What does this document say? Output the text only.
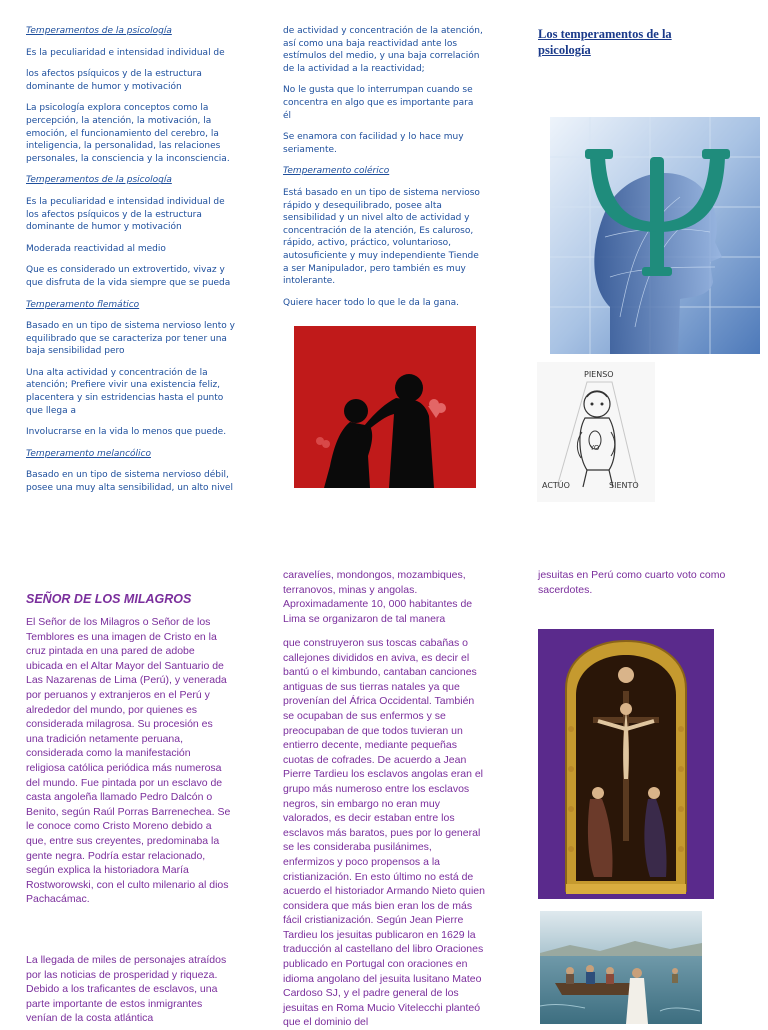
Temperamentos de la psicología

Es la peculiaridad e intensidad individual de

los afectos psíquicos y de la estructura dominante de humor y motivación

La psicología explora conceptos como la percepción, la atención, la motivación, la emoción, el funcionamiento del cerebro, la inteligencia, la personalidad, las relaciones personales, la consciencia y la inconsciencia.

Temperamentos de la psicología

Es la peculiaridad e intensidad individual de los afectos psíquicos y de la estructura dominante de humor y motivación

Moderada reactividad al medio

Que es considerado un extrovertido, vivaz y que disfruta de la vida siempre que se pueda

Temperamento flemático

Basado en un tipo de sistema nervioso lento y equilibrado que se caracteriza por tener una baja sensibilidad pero

Una alta actividad y concentración de la atención; Prefiere vivir una existencia feliz, placentera y sin estridencias hasta el punto que llega a

Involucrarse en la vida lo menos que puede.

Temperamento melancólico

Basado en un tipo de sistema nervioso débil, posee una muy alta sensibilidad, un alto nivel

de actividad y concentración de la atención, así como una baja reactividad ante los estímulos del medio, y una baja correlación de la actividad a la reactividad;

No le gusta que lo interrumpan cuando se concentra en algo que es importante para él

Se enamora con facilidad y lo hace muy seriamente.

Temperamento colérico

Está basado en un tipo de sistema nervioso rápido y desequilibrado, posee alta sensibilidad y un nivel alto de actividad y concentración de la atención, Es caluroso, rápido, activo, práctico, voluntarioso, autosuficiente y muy independiente Tiende a ser Manipulador, pero también es muy intolerante.

Quiere hacer todo lo que le da la gana.

Los temperamentos de la psicología
PIENSO
YO
ACTÚO	SIENTO
SEÑOR DE LOS MILAGROS
El Señor de los Milagros o Señor de los Temblores es una imagen de Cristo en la cruz pintada en una pared de adobe ubicada en el Altar Mayor del Santuario de Las Nazarenas de Lima (Perú), y venerada por peruanos y extranjeros en el Perú y alrededor del mundo, por quienes es considerada milagrosa. Su procesión es una tradición netamente peruana, considerada como la manifestación religiosa católica periódica más numerosa del mundo. Fue pintada por un esclavo de casta angoleña llamado Pedro Dalcón o Benito, según Raúl Porras Barrenechea. Se le conoce como Cristo Moreno debido a que, entre sus creyentes, predominaba la gente negra. Podría estar relacionado, según explica la historiadora María Rostworowski, con el culto milenario al dios Pachacámac.
La llegada de miles de personajes atraídos por las noticias de prosperidad y riqueza. Debido a los traficantes de esclavos, una parte importante de estos inmigrantes venían de la costa atlántica
caravelíes, mondongos, mozambiques, terranovos, minas y angolas. Aproximadamente 10, 000 habitantes de Lima se organizaron de tal manera
que construyeron sus toscas cabañas o callejones divididos en aviva, es decir el bantú o el kimbundo, cantaban canciones antiguas de sus tierras natales ya que provenían del África Occidental. También se ocupaban de sus enfermos y se preocupaban de que todos tuvieran un entierro decente, mediante pequeñas cuotas de cofrades. De acuerdo a Jean Pierre Tardieu los esclavos angolas eran el grupo más numeroso entre los esclavos negros, sin embargo no eran muy valorados, es decir estaban entre los esclavos más baratos, pues por lo general se les consideraba pusilánimes, enfermizos y poco propensos a la cristianización. En esto último no está de acuerdo el historiador Armando Nieto quien considera que más bien eran los de más fácil cristianización. Según Jean Pierre Tardieu los jesuitas publicaron en 1629 la traducción al castellano del libro Oraciones publicado en Portugal con oraciones en idioma angolano del jesuita lusitano Mateo Cardoso SJ, y el padre general de los jesuitas en Roma Mucio Vitelecchi planteó que el dominio del
jesuitas en Perú como cuarto voto como sacerdotes.
